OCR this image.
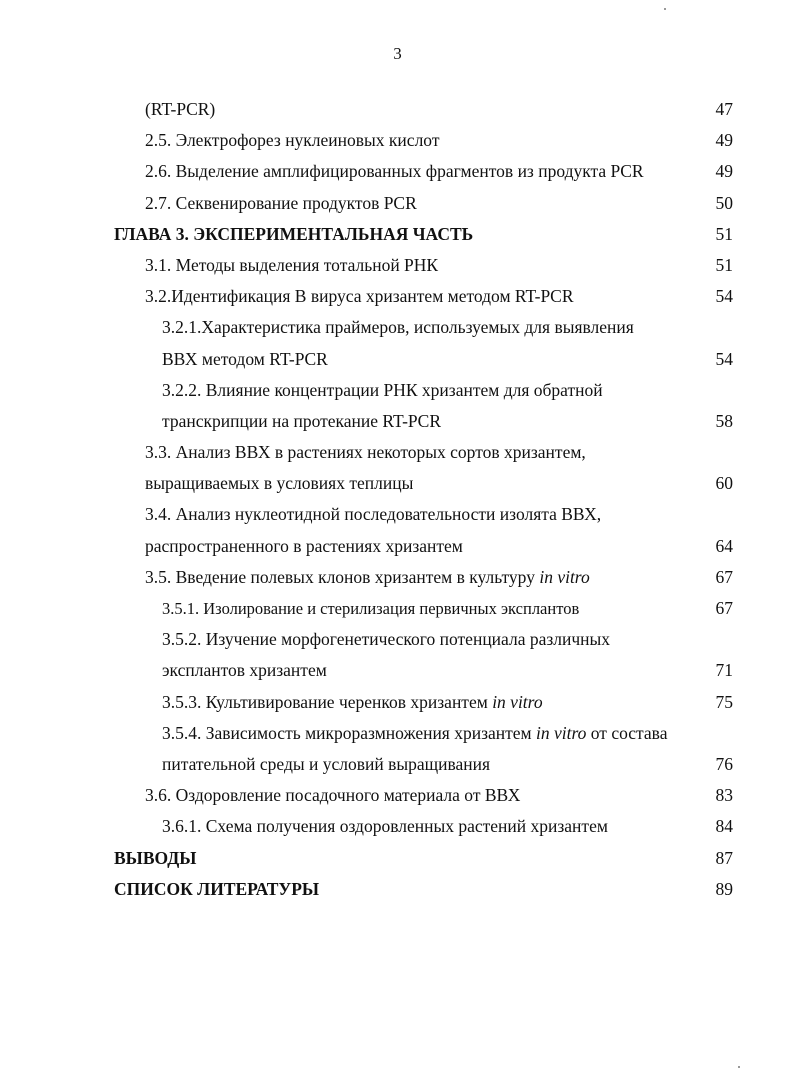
3
(RT-PCR)	47
2.5. Электрофорез нуклеиновых кислот	49
2.6. Выделение амплифицированных фрагментов из продукта PCR	49
2.7. Секвенирование продуктов PCR	50
ГЛАВА 3. ЭКСПЕРИМЕНТАЛЬНАЯ ЧАСТЬ	51
3.1. Методы выделения тотальной РНК	51
3.2.Идентификация В вируса хризантем методом RT-PCR	54
3.2.1.Характеристика праймеров, используемых для выявления
ВВХ методом RT-PCR	54
3.2.2. Влияние концентрации РНК хризантем для обратной
транскрипции на протекание RT-PCR	58
3.3. Анализ ВВХ в растениях некоторых сортов хризантем,
выращиваемых в условиях теплицы	60
3.4. Анализ нуклеотидной последовательности изолята ВВХ,
распространенного в растениях хризантем	64
3.5. Введение полевых клонов хризантем в культуру in vitro	67
3.5.1. Изолирование и стерилизация первичных эксплантов	67
3.5.2. Изучение морфогенетического потенциала различных
эксплантов хризантем	71
3.5.3. Культивирование черенков хризантем in vitro	75
3.5.4. Зависимость микроразмножения хризантем in vitro от состава
питательной среды и условий выращивания	76
3.6. Оздоровление посадочного материала от ВВХ	83
3.6.1. Схема получения оздоровленных растений хризантем	84
ВЫВОДЫ	87
СПИСОК ЛИТЕРАТУРЫ	89
